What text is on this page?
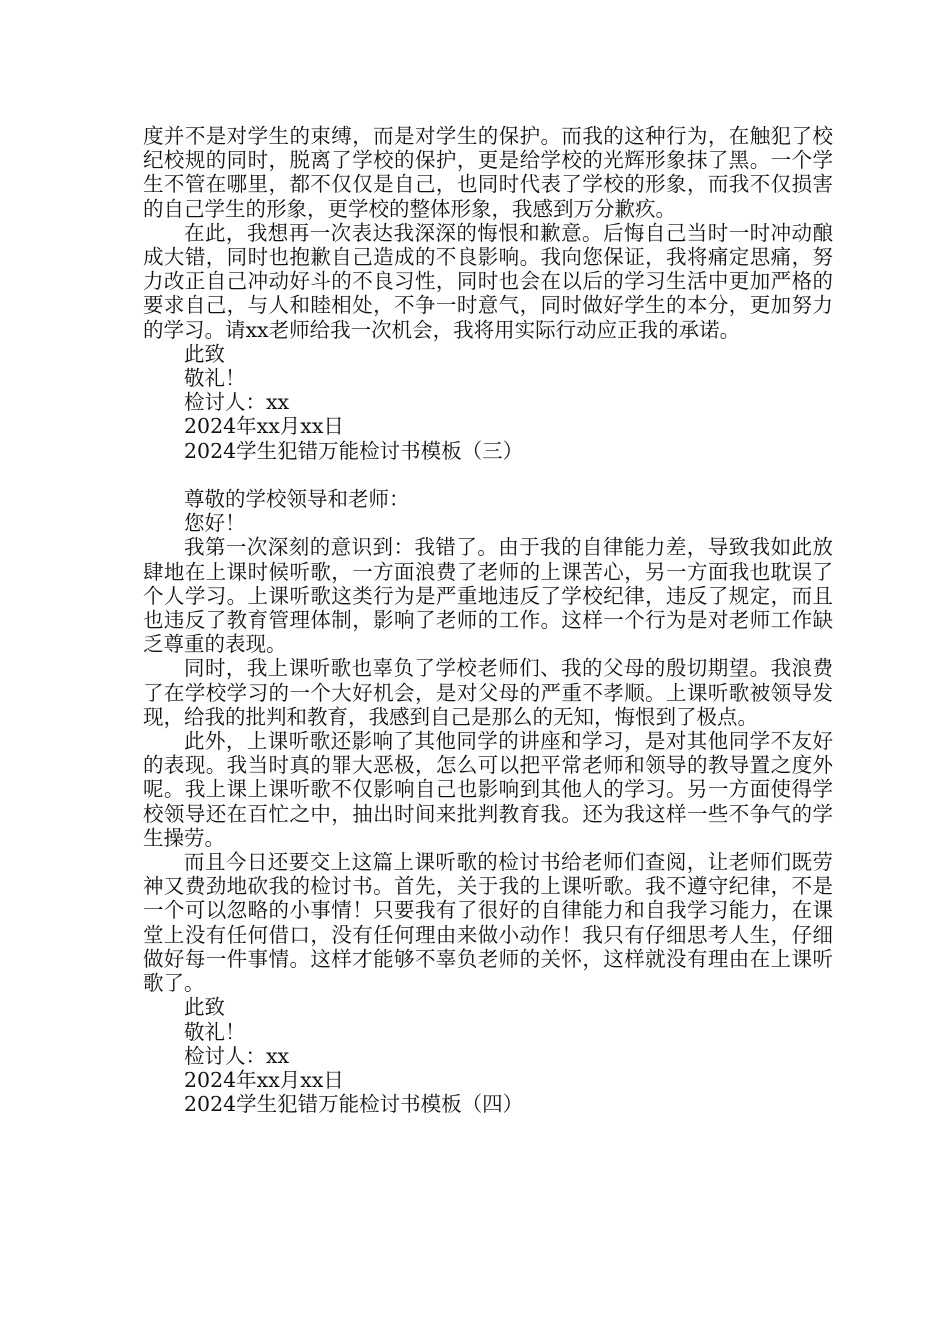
度并不是对学生的束缚，而是对学生的保护。而我的这种行为，在触犯了校纪校规的同时，脱离了学校的保护，更是给学校的光辉形象抹了黑。一个学生不管在哪里，都不仅仅是自己，也同时代表了学校的形象，而我不仅损害的自己学生的形象，更学校的整体形象，我感到万分歉疚。

在此，我想再一次表达我深深的悔恨和歉意。后悔自己当时一时冲动酿成大错，同时也抱歉自己造成的不良影响。我向您保证，我将痛定思痛，努力改正自己冲动好斗的不良习性，同时也会在以后的学习生活中更加严格的要求自己，与人和睦相处，不争一时意气，同时做好学生的本分，更加努力的学习。请xx老师给我一次机会，我将用实际行动应正我的承诺。

此致

敬礼！

检讨人：xx

2024年xx月xx日

2024学生犯错万能检讨书模板（三）

尊敬的学校领导和老师：

您好！

我第一次深刻的意识到：我错了。由于我的自律能力差，导致我如此放肆地在上课时候听歌，一方面浪费了老师的上课苦心，另一方面我也耽误了个人学习。上课听歌这类行为是严重地违反了学校纪律，违反了规定，而且也违反了教育管理体制，影响了老师的工作。这样一个行为是对老师工作缺乏尊重的表现。

同时，我上课听歌也辜负了学校老师们、我的父母的殷切期望。我浪费了在学校学习的一个大好机会，是对父母的严重不孝顺。上课听歌被领导发现，给我的批判和教育，我感到自己是那么的无知，悔恨到了极点。

此外，上课听歌还影响了其他同学的讲座和学习，是对其他同学不友好的表现。我当时真的罪大恶极，怎么可以把平常老师和领导的教导置之度外呢。我上课上课听歌不仅影响自己也影响到其他人的学习。另一方面使得学校领导还在百忙之中，抽出时间来批判教育我。还为我这样一些不争气的学生操劳。

而且今日还要交上这篇上课听歌的检讨书给老师们查阅，让老师们既劳神又费劲地砍我的检讨书。首先，关于我的上课听歌。我不遵守纪律，不是一个可以忽略的小事情！只要我有了很好的自律能力和自我学习能力，在课堂上没有任何借口，没有任何理由来做小动作！我只有仔细思考人生，仔细做好每一件事情。这样才能够不辜负老师的关怀，这样就没有理由在上课听歌了。

此致

敬礼！

检讨人：xx

2024年xx月xx日

2024学生犯错万能检讨书模板（四）
